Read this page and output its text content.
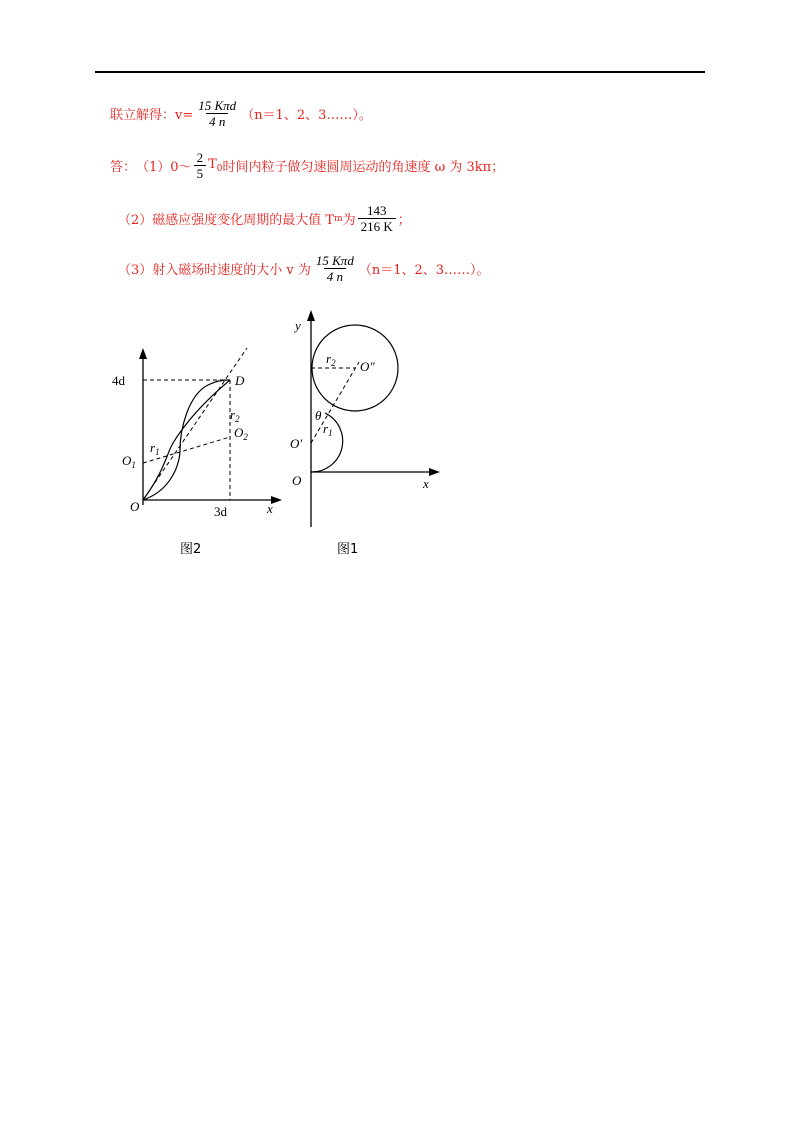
联立解得：$v= \frac{\text{15 Kπd}}{4 n} (n=1$、2、3……）。
答： （1）0～ $\frac{2}{5} T_0$ 时间内粒子做匀速圆周运动的角速度 ω 为 3kπ；
（2）磁感应强度变化周期的最大值 T m 为 $\frac{143}{216 K}$ ；
（3）射入磁场时速度的大小 v 为 $\frac{\text{15 Kπd}}{4 n} (n=1$、2、3……）。
4d
3d	x
O
D
$O_1$
$O_2$
$r_1$
$r_2$
图2
y
x
O
O′
O″
θ
$r_1$
$r_2$
图1
